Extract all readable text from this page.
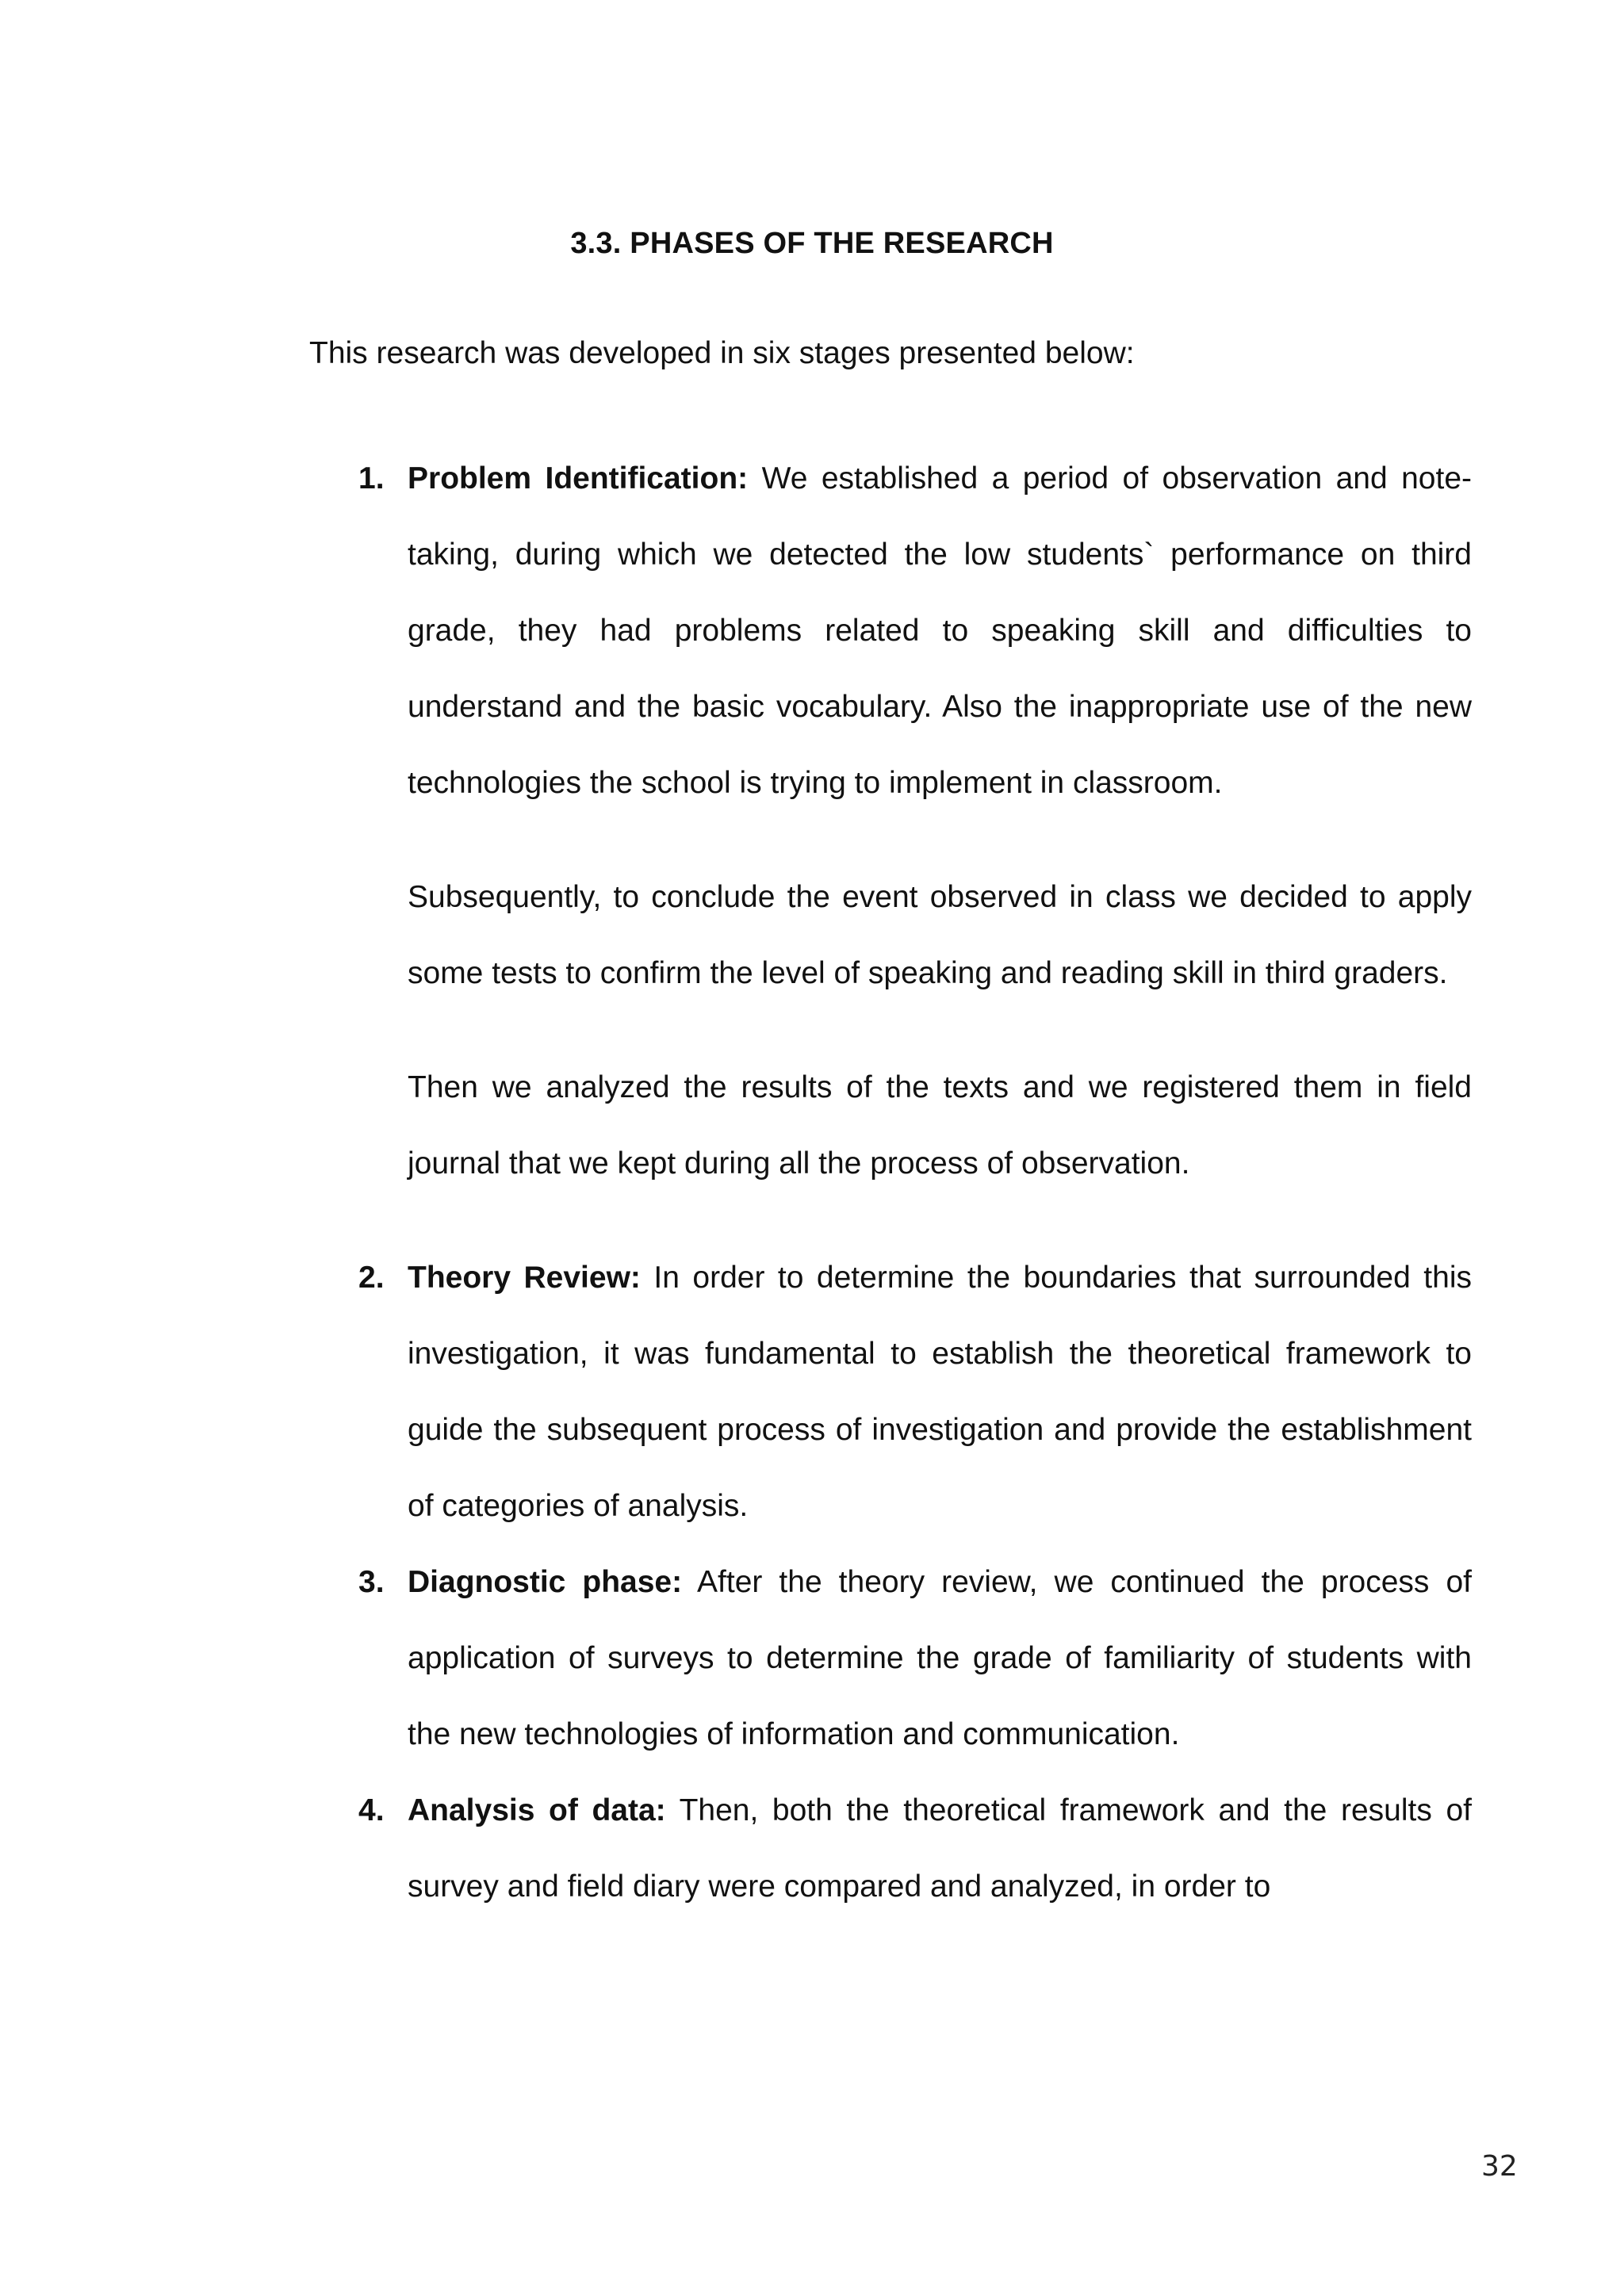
3.3. PHASES OF THE RESEARCH

This research was developed in six stages presented below:

1. Problem Identification: We established a period of observation and note-taking, during which we detected the low students` performance on third grade, they had problems related to speaking skill and difficulties to understand and the basic vocabulary. Also the inappropriate use of the new technologies the school is trying to implement in classroom.

Subsequently, to conclude the event observed in class we decided to apply some tests to confirm the level of speaking and reading skill in third graders.

Then we analyzed the results of the texts and we registered them in field journal that we kept during all the process of observation.

2. Theory Review: In order to determine the boundaries that surrounded this investigation, it was fundamental to establish the theoretical framework to guide the subsequent process of investigation and provide the establishment of categories of analysis.

3. Diagnostic phase: After the theory review, we continued the process of application of surveys to determine the grade of familiarity of students with the new technologies of information and communication.

4. Analysis of data: Then, both the theoretical framework and the results of survey and field diary were compared and analyzed, in order to

32
